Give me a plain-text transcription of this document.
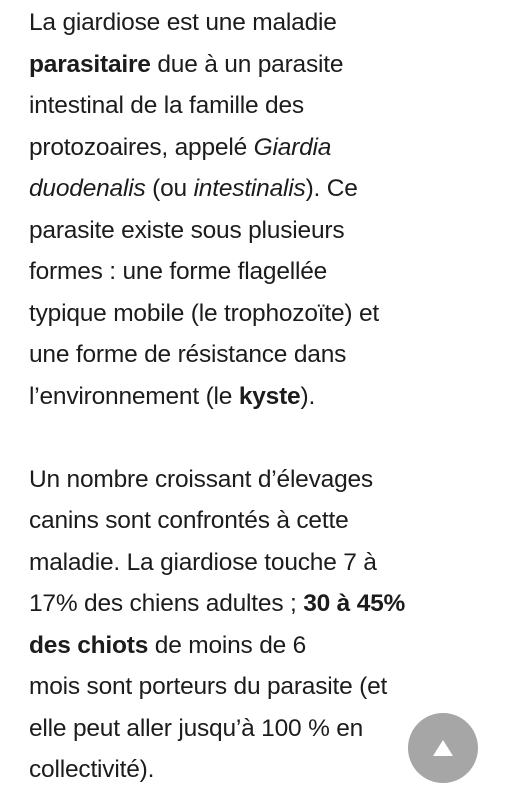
La giardiose est une maladie
parasitaire due à un parasite
intestinal de la famille des
protozoaires, appelé Giardia
duodenalis (ou intestinalis). Ce
parasite existe sous plusieurs
formes : une forme flagellée
typique mobile (le trophozoïte) et
une forme de résistance dans
l’environnement (le kyste).
Un nombre croissant d’élevages
canins sont confrontés à cette
maladie. La giardiose touche 7 à
17% des chiens adultes ; 30 à 45%
des chiots de moins de 6
mois sont porteurs du parasite (et
elle peut aller jusqu’à 100 % en
collectivité).
